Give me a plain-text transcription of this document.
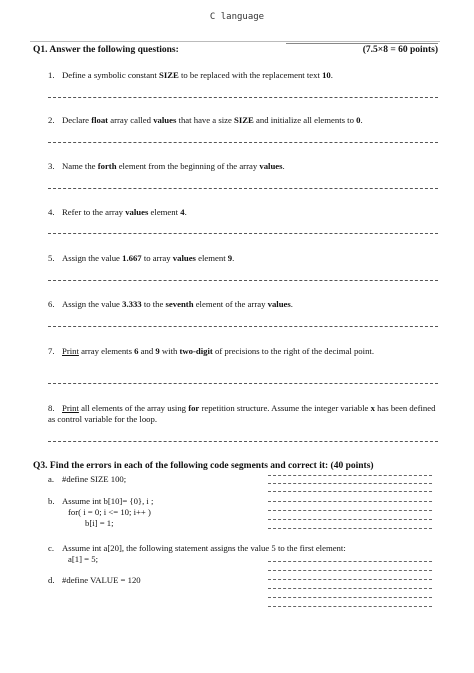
C language
Q1. Answer the following questions:	(7.5×8 = 60 points)
1. Define a symbolic constant SIZE to be replaced with the replacement text 10.
2. Declare float array called values that have a size SIZE and initialize all elements to 0.
3. Name the forth element from the beginning of the array values.
4. Refer to the array values element 4.
5. Assign the value 1.667 to array values element 9.
6. Assign the value 3.333 to the seventh element of the array values.
7. Print array elements 6 and 9 with two-digit of precisions to the right of the decimal point.
8. Print all elements of the array using for repetition structure. Assume the integer variable x has been defined as control variable for the loop.
Q3. Find the errors in each of the following code segments and correct it: (40 points)
a. #define SIZE 100;
b. Assume int b[10]= {0}, i ;
for( i = 0; i <= 10; i++ )
b[i] = 1;
c. Assume int a[20], the following statement assigns the value 5 to the first element:
a[1] = 5;
d. #define VALUE = 120
